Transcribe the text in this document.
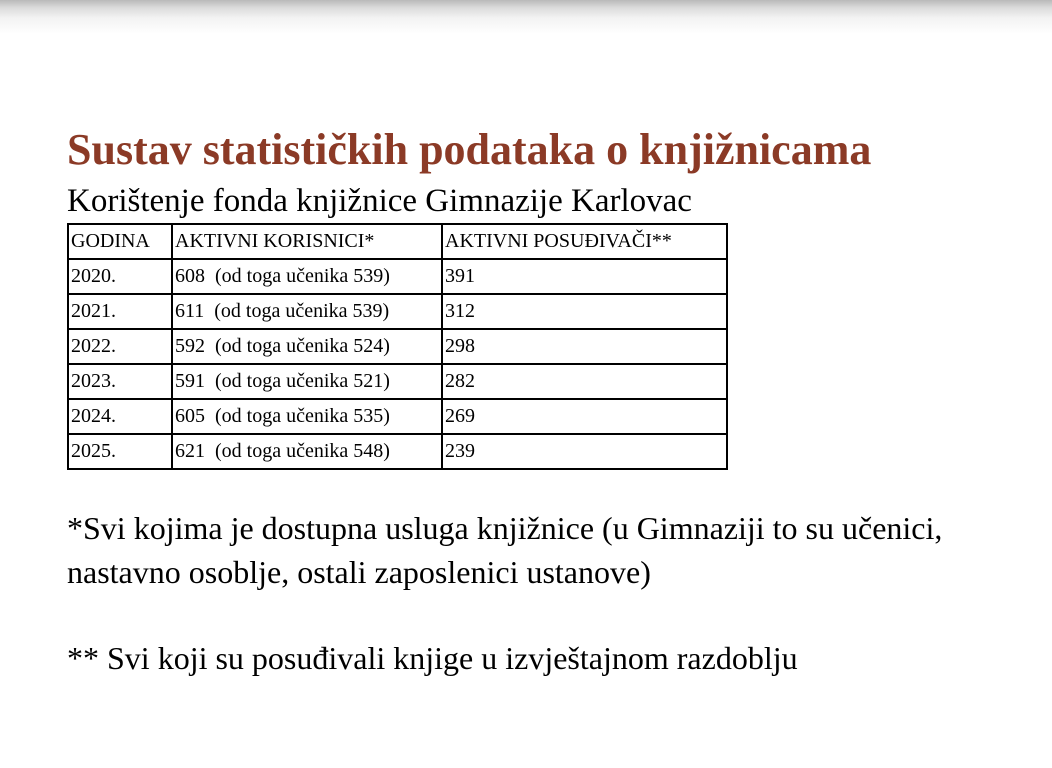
Sustav statističkih podataka o knjižnicama
Korištenje fonda knjižnice Gimnazije Karlovac
GODINA	AKTIVNI KORISNICI*	AKTIVNI POSUĐIVAČI**
2020.	608  (od toga učenika 539)	391
2021.	611  (od toga učenika 539)	312
2022.	592  (od toga učenika 524)	298
2023.	591  (od toga učenika 521)	282
2024.	605  (od toga učenika 535)	269
2025.	621  (od toga učenika 548)	239

*Svi kojima je dostupna usluga knjižnice (u Gimnaziji to su učenici, nastavno osoblje, ostali zaposlenici ustanove)

** Svi koji su posuđivali knjige u izvještajnom razdoblju
